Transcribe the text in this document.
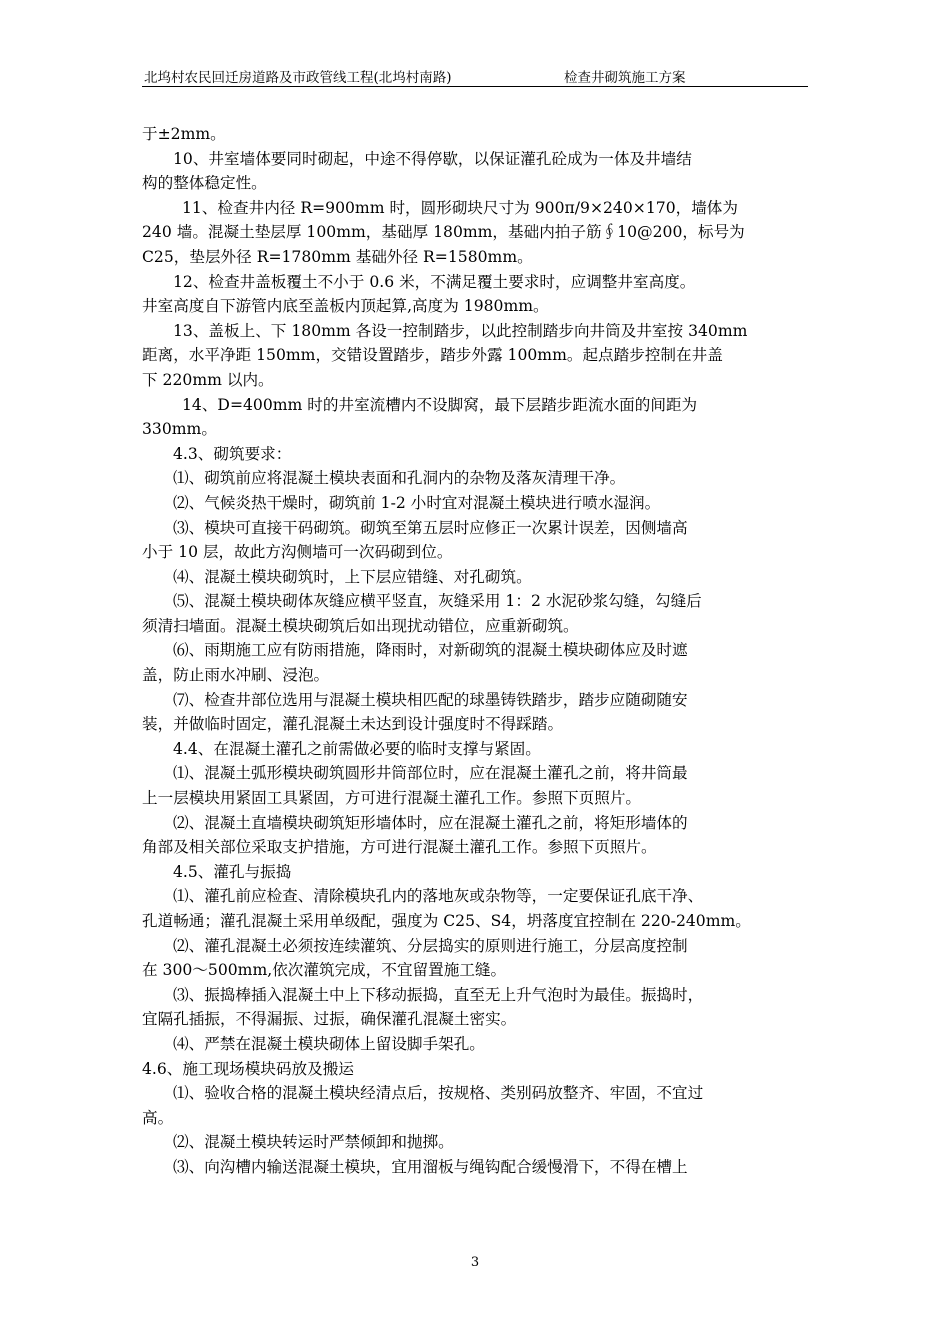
北坞村农民回迁房道路及市政管线工程(北坞村南路)	检查井砌筑施工方案

于±2mm。

10、井室墙体要同时砌起，中途不得停歇，以保证灌孔砼成为一体及井墙结

构的整体稳定性。

11、检查井内径 R=900mm 时，圆形砌块尺寸为 900π/9×240×170，墙体为

240 墙。混凝土垫层厚 100mm，基础厚 180mm，基础内拍子筋∮10@200，标号为

C25，垫层外径 R=1780mm 基础外径 R=1580mm。

12、检查井盖板覆土不小于 0.6 米，不满足覆土要求时，应调整井室高度。

井室高度自下游管内底至盖板内顶起算,高度为 1980mm。

13、盖板上、下 180mm 各设一控制踏步，以此控制踏步向井筒及井室按 340mm

距离，水平净距 150mm，交错设置踏步，踏步外露 100mm。起点踏步控制在井盖

下 220mm 以内。

14、D=400mm 时的井室流槽内不设脚窝，最下层踏步距流水面的间距为

330mm。

4.3、砌筑要求：

⑴、砌筑前应将混凝土模块表面和孔洞内的杂物及落灰清理干净。

⑵、气候炎热干燥时，砌筑前 1-2 小时宜对混凝土模块进行喷水湿润。

⑶、模块可直接干码砌筑。砌筑至第五层时应修正一次累计误差，因侧墙高

小于 10 层，故此方沟侧墙可一次码砌到位。

⑷、混凝土模块砌筑时，上下层应错缝、对孔砌筑。

⑸、混凝土模块砌体灰缝应横平竖直，灰缝采用 1：2 水泥砂浆勾缝，勾缝后

须清扫墙面。混凝土模块砌筑后如出现扰动错位，应重新砌筑。

⑹、雨期施工应有防雨措施，降雨时，对新砌筑的混凝土模块砌体应及时遮

盖，防止雨水冲刷、浸泡。

⑺、检查井部位选用与混凝土模块相匹配的球墨铸铁踏步，踏步应随砌随安

装，并做临时固定，灌孔混凝土未达到设计强度时不得踩踏。

4.4、在混凝土灌孔之前需做必要的临时支撑与紧固。

⑴、混凝土弧形模块砌筑圆形井筒部位时，应在混凝土灌孔之前，将井筒最

上一层模块用紧固工具紧固，方可进行混凝土灌孔工作。参照下页照片。

⑵、混凝土直墙模块砌筑矩形墙体时，应在混凝土灌孔之前，将矩形墙体的

角部及相关部位采取支护措施，方可进行混凝土灌孔工作。参照下页照片。

4.5、灌孔与振捣

⑴、灌孔前应检查、清除模块孔内的落地灰或杂物等，一定要保证孔底干净、

孔道畅通；灌孔混凝土采用单级配，强度为 C25、S4，坍落度宜控制在 220-240mm。

⑵、灌孔混凝土必须按连续灌筑、分层捣实的原则进行施工，分层高度控制

在 300～500mm,依次灌筑完成，不宜留置施工缝。

⑶、振捣棒插入混凝土中上下移动振捣，直至无上升气泡时为最佳。振捣时，

宜隔孔插振，不得漏振、过振，确保灌孔混凝土密实。

⑷、严禁在混凝土模块砌体上留设脚手架孔。

4.6、施工现场模块码放及搬运

⑴、验收合格的混凝土模块经清点后，按规格、类别码放整齐、牢固，不宜过

高。

⑵、混凝土模块转运时严禁倾卸和抛掷。

⑶、向沟槽内输送混凝土模块，宜用溜板与绳钩配合缓慢滑下，不得在槽上

3
